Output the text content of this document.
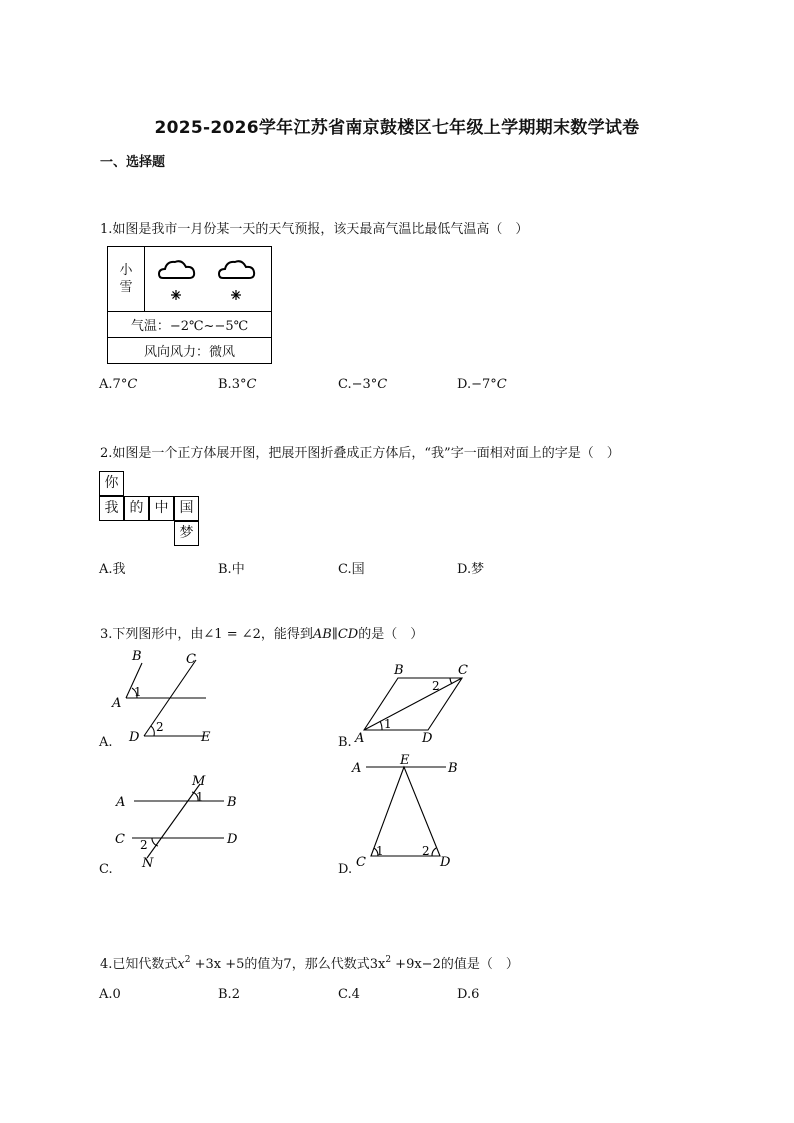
2025-2026学年江苏省南京鼓楼区七年级上学期期末数学试卷
一、选择题
1.如图是我市一月份某一天的天气预报，该天最高气温比最低气温高（　）
小
雪

气温：−2℃~−5℃
风向风力：微风
A.7°C	B.3°C	C.−3°C	D.−7°C
2.如图是一个正方体展开图，把展开图折叠成正方体后，“我”字一面相对面上的字是（　）
你
我 的 中 国
梦
A.我	B.中	C.国	D.梦
3.下列图形中，由∠1 = ∠2，能得到AB∥CD的是（　）
B	C
A
1
2
D	E
A.
B	C
A	D
1
2
B.
M
1
A	B
C	D
2
N
C.
A
E
B
C
1	2
D
D.
4.已知代数式$x^2 +3x +5$的值为7，那么代数式$3x^2 +9x-2$的值是（　）
A.0	B.2	C.4	D.6
